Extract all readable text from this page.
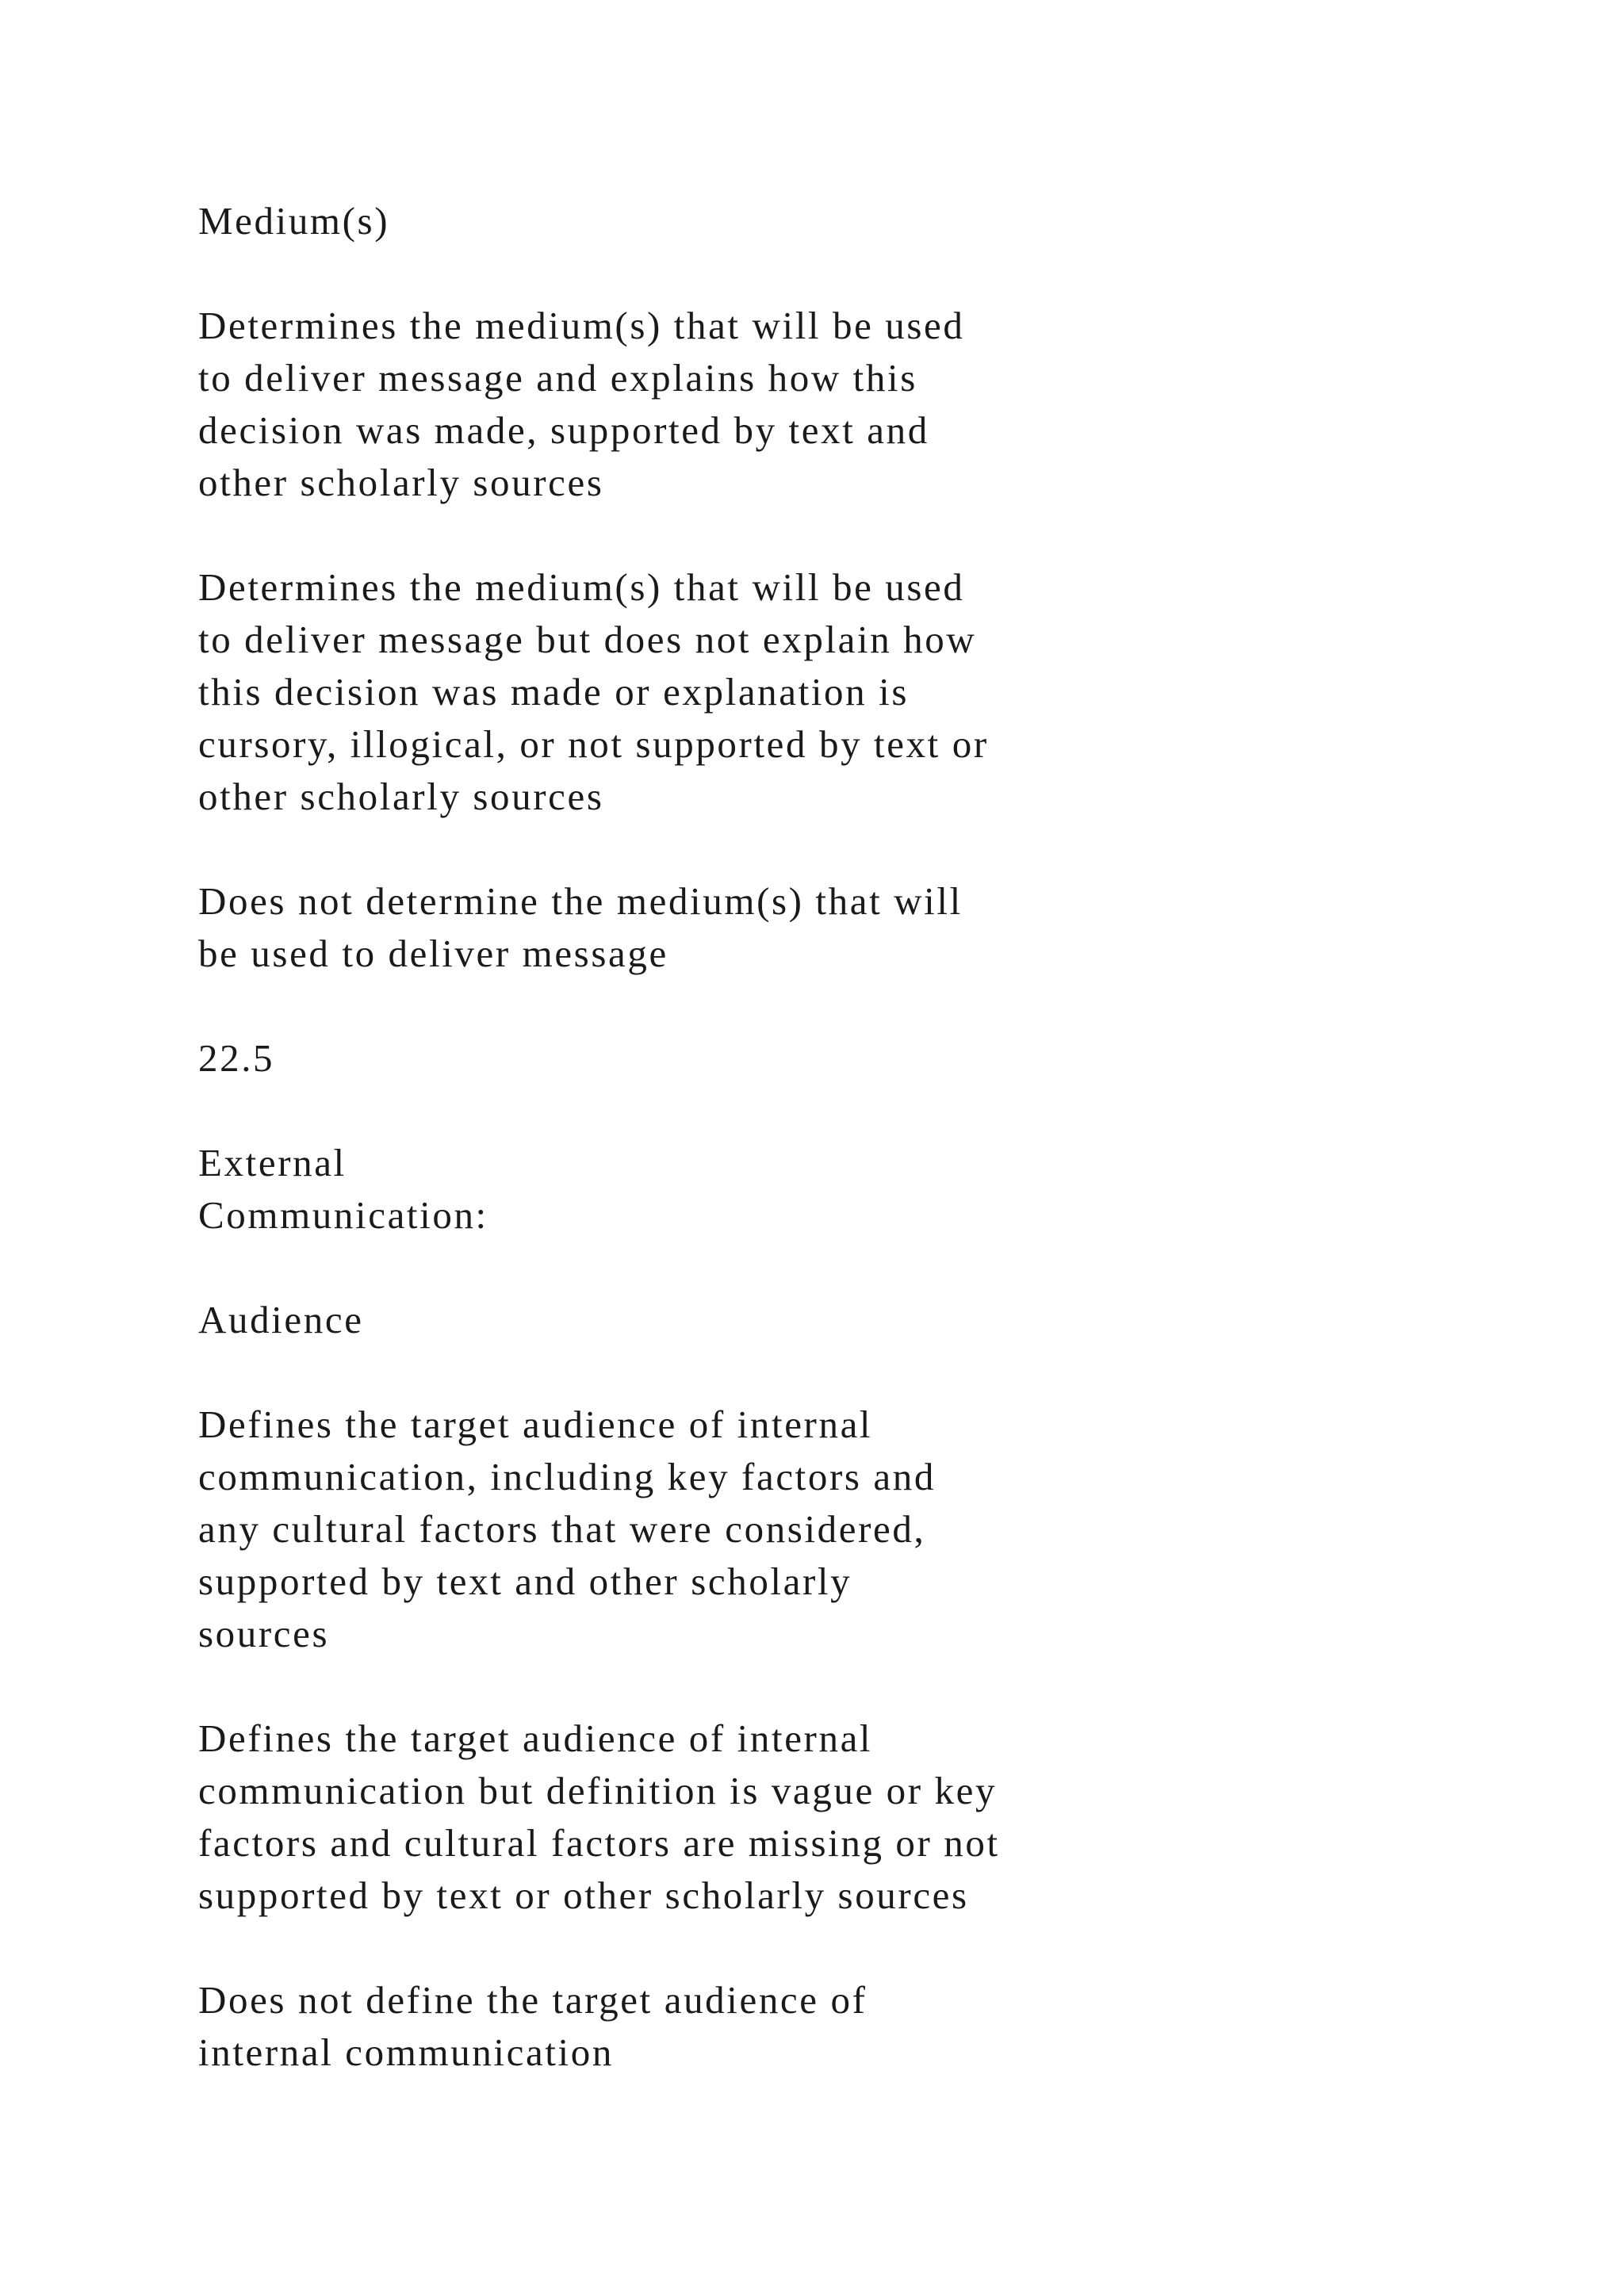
Medium(s)

Determines the medium(s) that will be used
to deliver message and explains how this
decision was made, supported by text and
other scholarly sources

Determines the medium(s) that will be used
to deliver message but does not explain how
this decision was made or explanation is
cursory, illogical, or not supported by text or
other scholarly sources

Does not determine the medium(s) that will
be used to deliver message

22.5

External
Communication:

Audience

Defines the target audience of internal
communication, including key factors and
any cultural factors that were considered,
supported by text and other scholarly
sources

Defines the target audience of internal
communication but definition is vague or key
factors and cultural factors are missing or not
supported by text or other scholarly sources

Does not define the target audience of
internal communication
